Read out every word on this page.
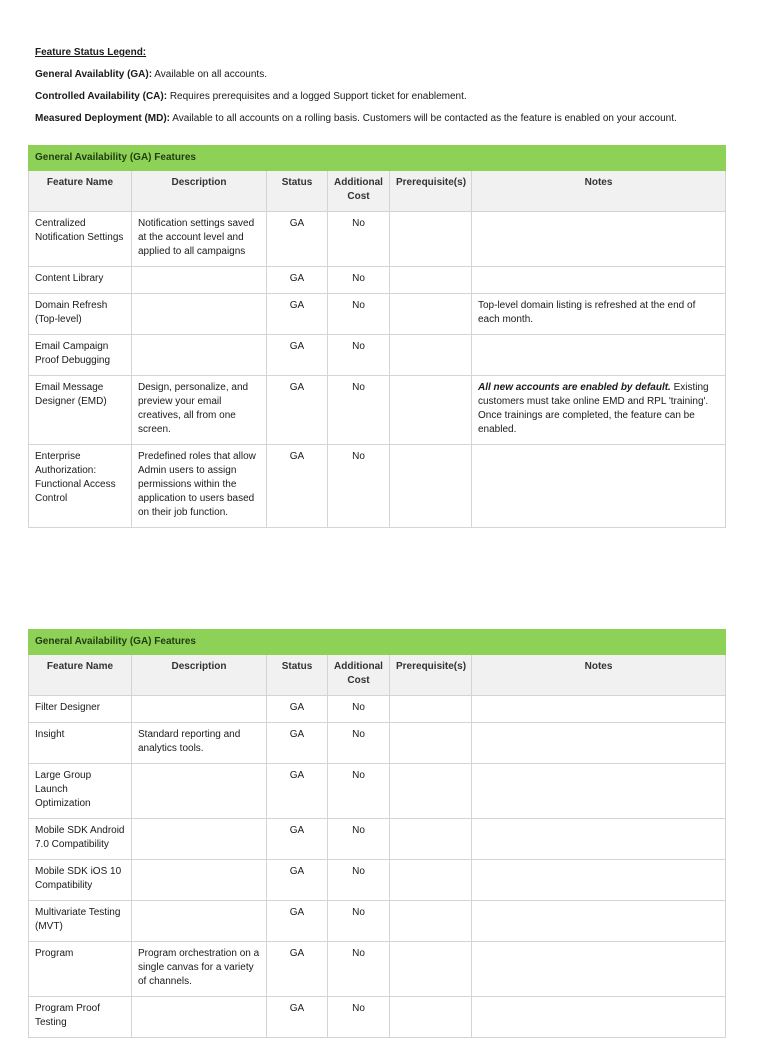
Feature Status Legend:
General Availablity (GA): Available on all accounts.
Controlled Availability (CA): Requires prerequisites and a logged Support ticket for enablement.
Measured Deployment (MD): Available to all accounts on a rolling basis. Customers will be contacted as the feature is enabled on your account.
General Availability (GA) Features					
Feature Name	Description	Status	Additional Cost	Prerequisite(s)	Notes
Centralized Notification Settings	Notification settings saved at the account level and applied to all campaigns	GA	No		
Content Library		GA	No		
Domain Refresh (Top-level)		GA	No		Top-level domain listing is refreshed at the end of each month.
Email Campaign Proof Debugging		GA	No		
Email Message Designer (EMD)	Design, personalize, and preview your email creatives, all from one screen.	GA	No		All new accounts are enabled by default. Existing customers must take online EMD and RPL 'training'. Once trainings are completed, the feature can be enabled.
Enterprise Authorization: Functional Access Control	Predefined roles that allow Admin users to assign permissions within the application to users based on their job function.	GA	No		
General Availability (GA) Features					
Feature Name	Description	Status	Additional Cost	Prerequisite(s)	Notes
Filter Designer		GA	No		
Insight	Standard reporting and analytics tools.	GA	No		
Large Group Launch Optimization		GA	No		
Mobile SDK Android 7.0 Compatibility		GA	No		
Mobile SDK iOS 10 Compatibility		GA	No		
Multivariate Testing (MVT)		GA	No		
Program	Program orchestration on a single canvas for a variety of channels.	GA	No		
Program Proof Testing		GA	No		
